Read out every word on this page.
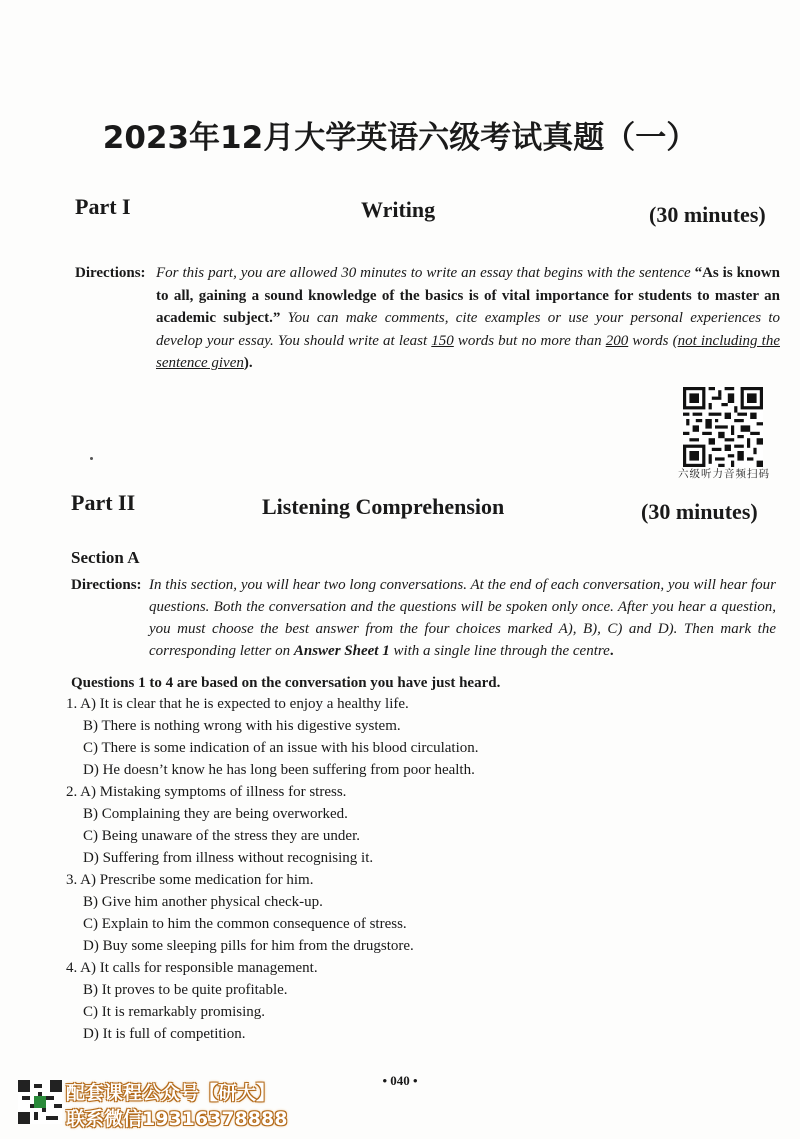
2023年12月大学英语六级考试真题（一）
Part I	Writing	(30 minutes)
Directions: For this part, you are allowed 30 minutes to write an essay that begins with the sentence “As is known to all, gaining a sound knowledge of the basics is of vital importance for students to master an academic subject.” You can make comments, cite examples or use your personal experiences to develop your essay. You should write at least 150 words but no more than 200 words (not including the sentence given).
六级听力音频扫码
Part II	Listening Comprehension	(30 minutes)
Section A
Directions: In this section, you will hear two long conversations. At the end of each conversation, you will hear four questions. Both the conversation and the questions will be spoken only once. After you hear a question, you must choose the best answer from the four choices marked A), B), C) and D). Then mark the corresponding letter on Answer Sheet 1 with a single line through the centre.
Questions 1 to 4 are based on the conversation you have just heard.
1. A) It is clear that he is expected to enjoy a healthy life.
B) There is nothing wrong with his digestive system.
C) There is some indication of an issue with his blood circulation.
D) He doesn’t know he has long been suffering from poor health.
2. A) Mistaking symptoms of illness for stress.
B) Complaining they are being overworked.
C) Being unaware of the stress they are under.
D) Suffering from illness without recognising it.
3. A) Prescribe some medication for him.
B) Give him another physical check-up.
C) Explain to him the common consequence of stress.
D) Buy some sleeping pills for him from the drugstore.
4. A) It calls for responsible management.
B) It proves to be quite profitable.
C) It is remarkably promising.
D) It is full of competition.
• 040 •
配套课程公众号【研大】
联系微信19316378888
